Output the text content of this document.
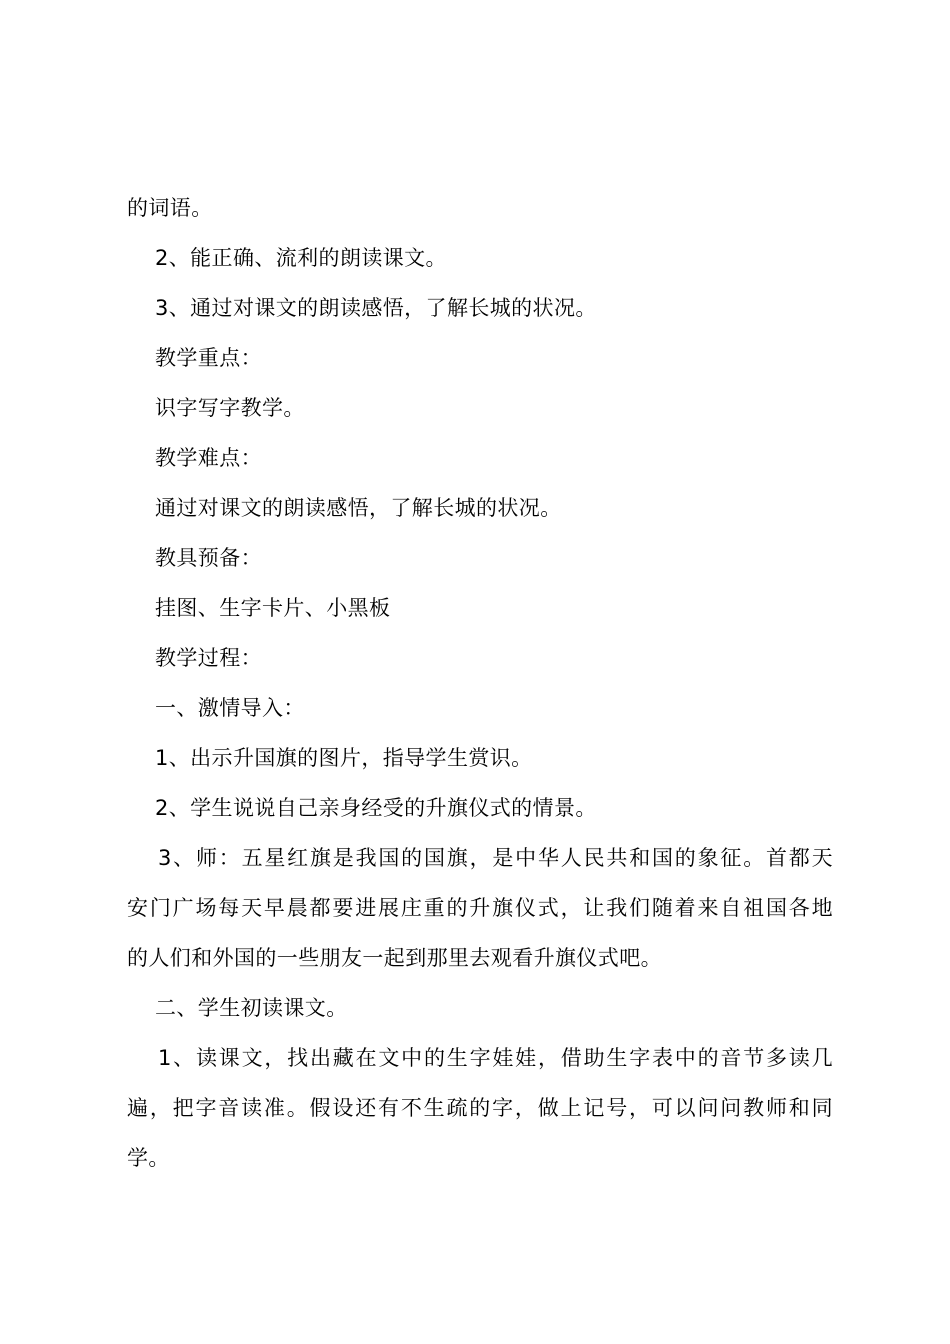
的词语。
2、能正确、流利的朗读课文。
3、通过对课文的朗读感悟，了解长城的状况。
教学重点：
识字写字教学。
教学难点：
通过对课文的朗读感悟，了解长城的状况。
教具预备：
挂图、生字卡片、小黑板
教学过程：
一、激情导入：
1、出示升国旗的图片，指导学生赏识。
2、学生说说自己亲身经受的升旗仪式的情景。
3、师：五星红旗是我国的国旗，是中华人民共和国的象征。首都天
安门广场每天早晨都要进展庄重的升旗仪式，让我们随着来自祖国各地
的人们和外国的一些朋友一起到那里去观看升旗仪式吧。
二、学生初读课文。
1、读课文，找出藏在文中的生字娃娃，借助生字表中的音节多读几
遍，把字音读准。假设还有不生疏的字，做上记号，可以问问教师和同
学。
